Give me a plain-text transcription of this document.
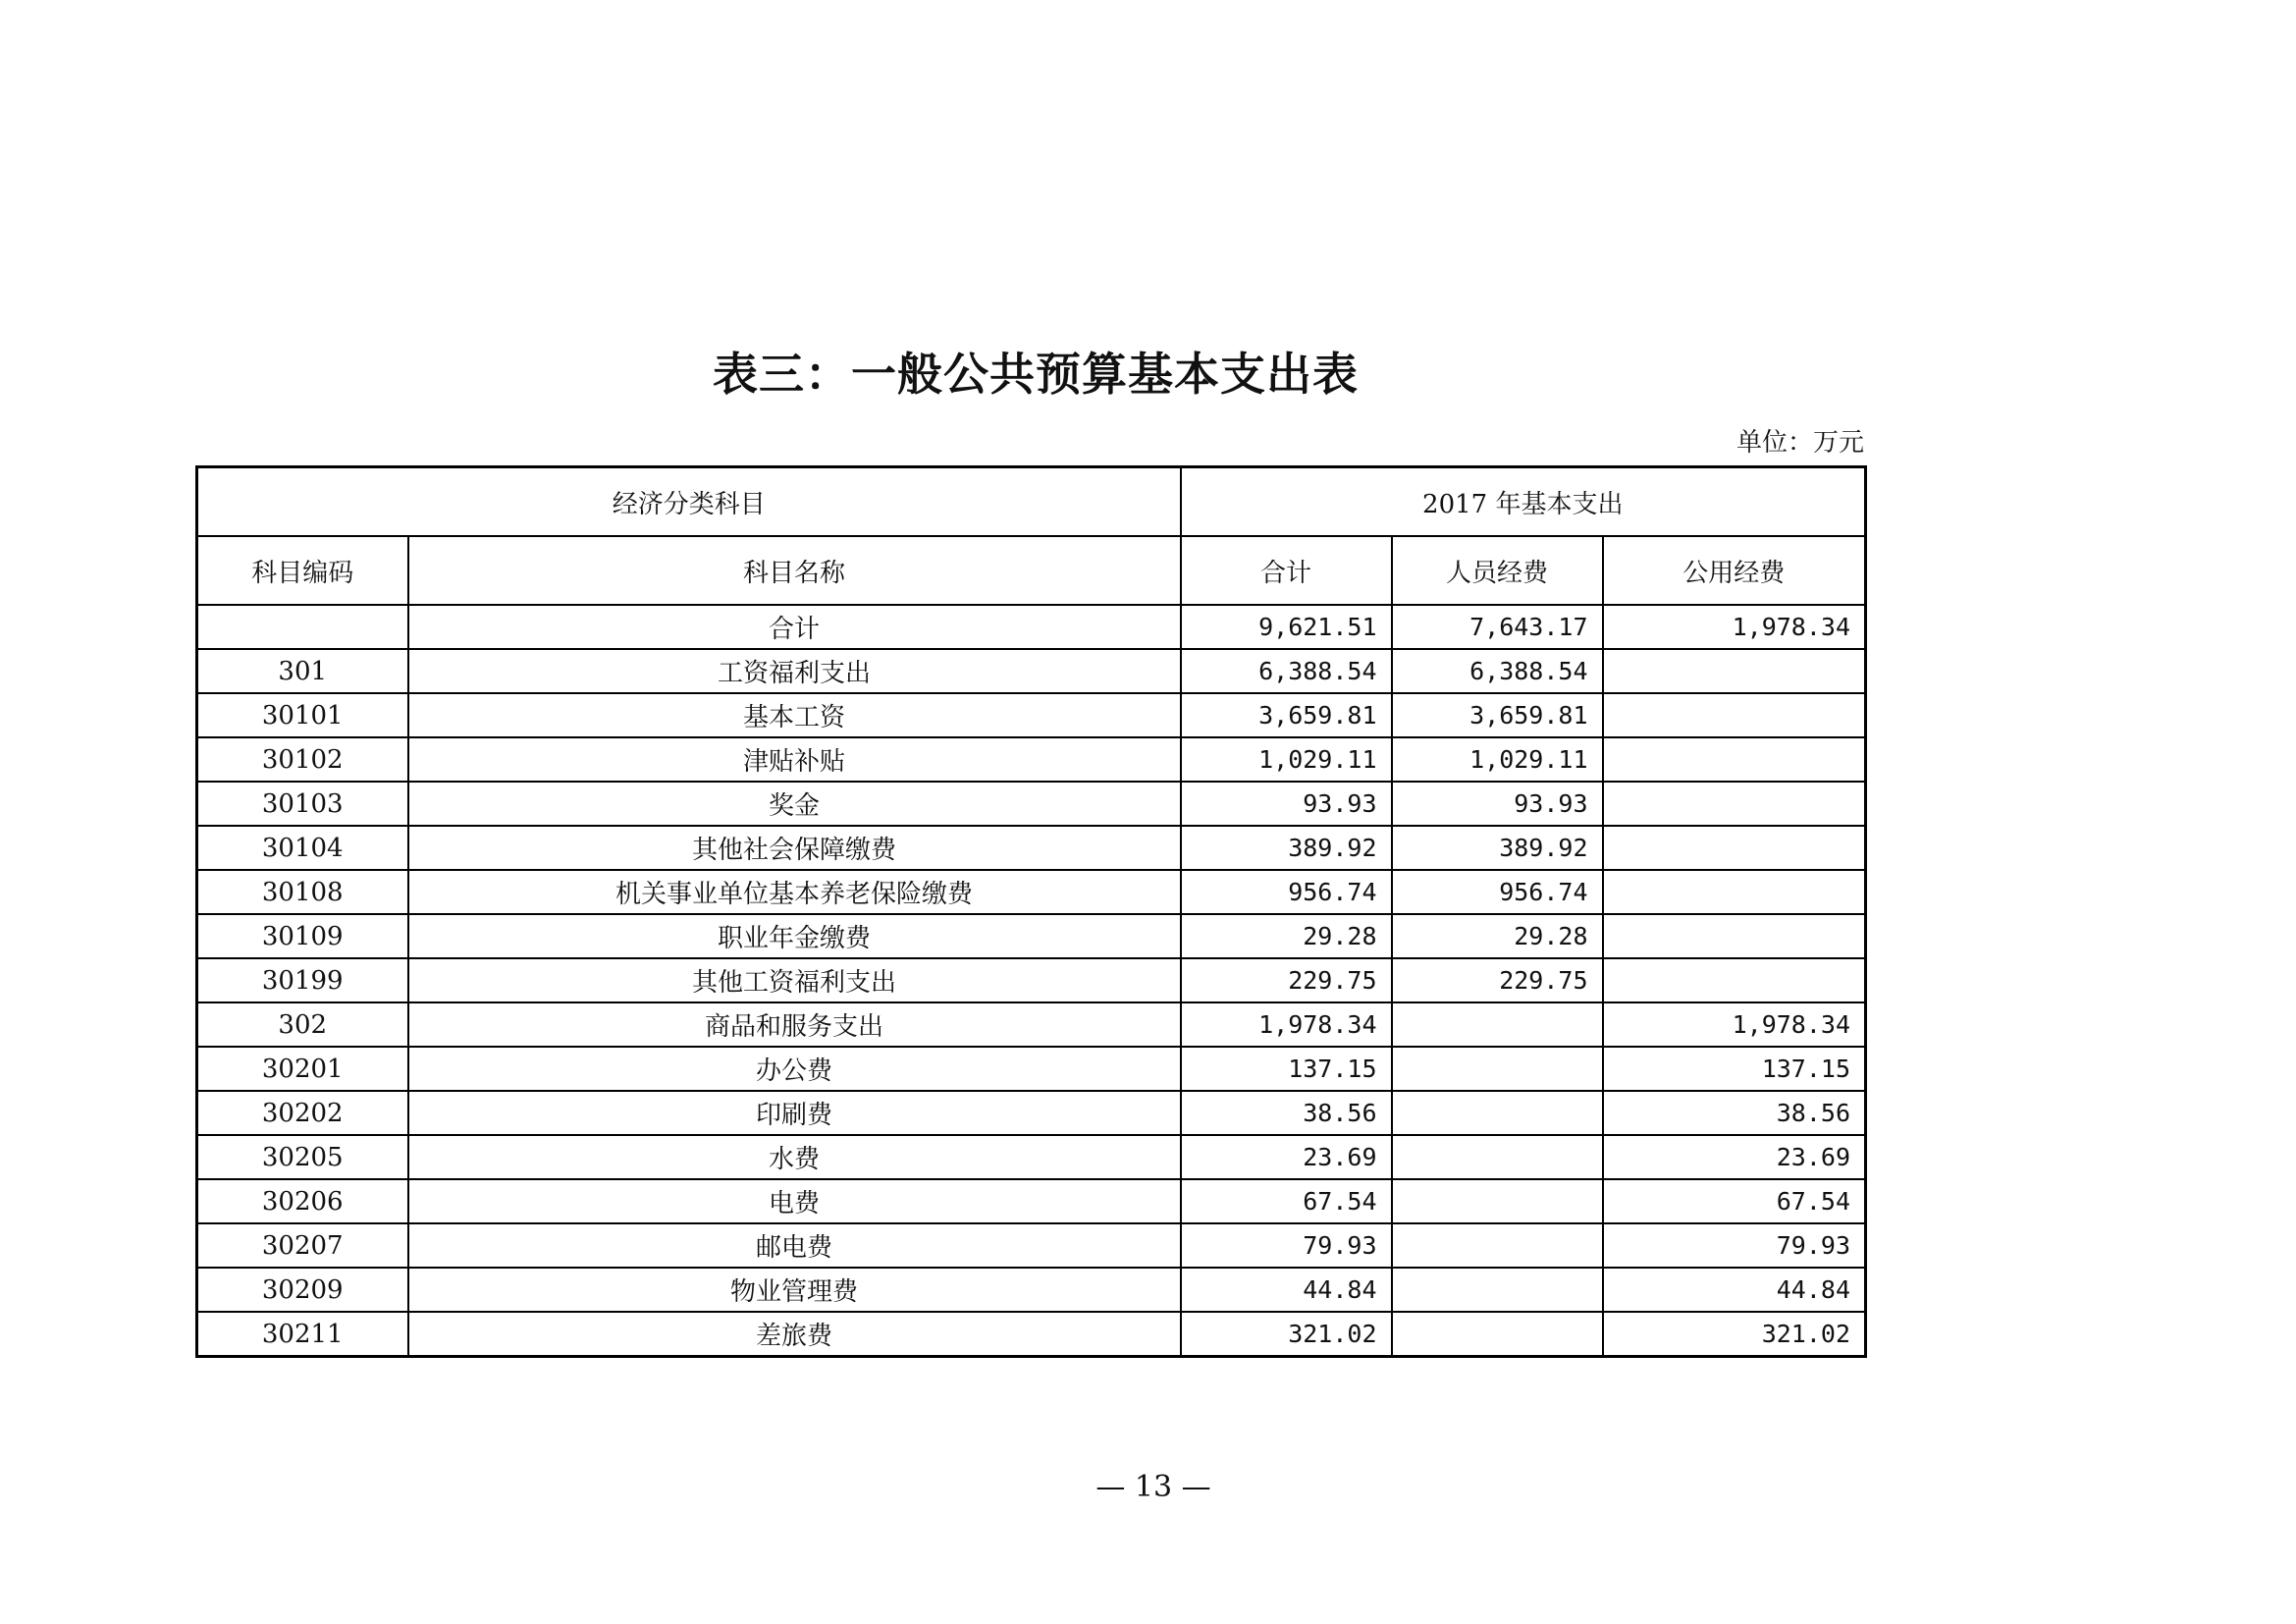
表三：一般公共预算基本支出表
单位：万元
经济分类科目		2017 年基本支出		
科目编码	科目名称	合计	人员经费	公用经费
	合计	9,621.51	7,643.17	1,978.34
301	工资福利支出	6,388.54	6,388.54	
30101	基本工资	3,659.81	3,659.81	
30102	津贴补贴	1,029.11	1,029.11	
30103	奖金	93.93	93.93	
30104	其他社会保障缴费	389.92	389.92	
30108	机关事业单位基本养老保险缴费	956.74	956.74	
30109	职业年金缴费	29.28	29.28	
30199	其他工资福利支出	229.75	229.75	
302	商品和服务支出	1,978.34		1,978.34
30201	办公费	137.15		137.15
30202	印刷费	38.56		38.56
30205	水费	23.69		23.69
30206	电费	67.54		67.54
30207	邮电费	79.93		79.93
30209	物业管理费	44.84		44.84
30211	差旅费	321.02		321.02
— 13 —
